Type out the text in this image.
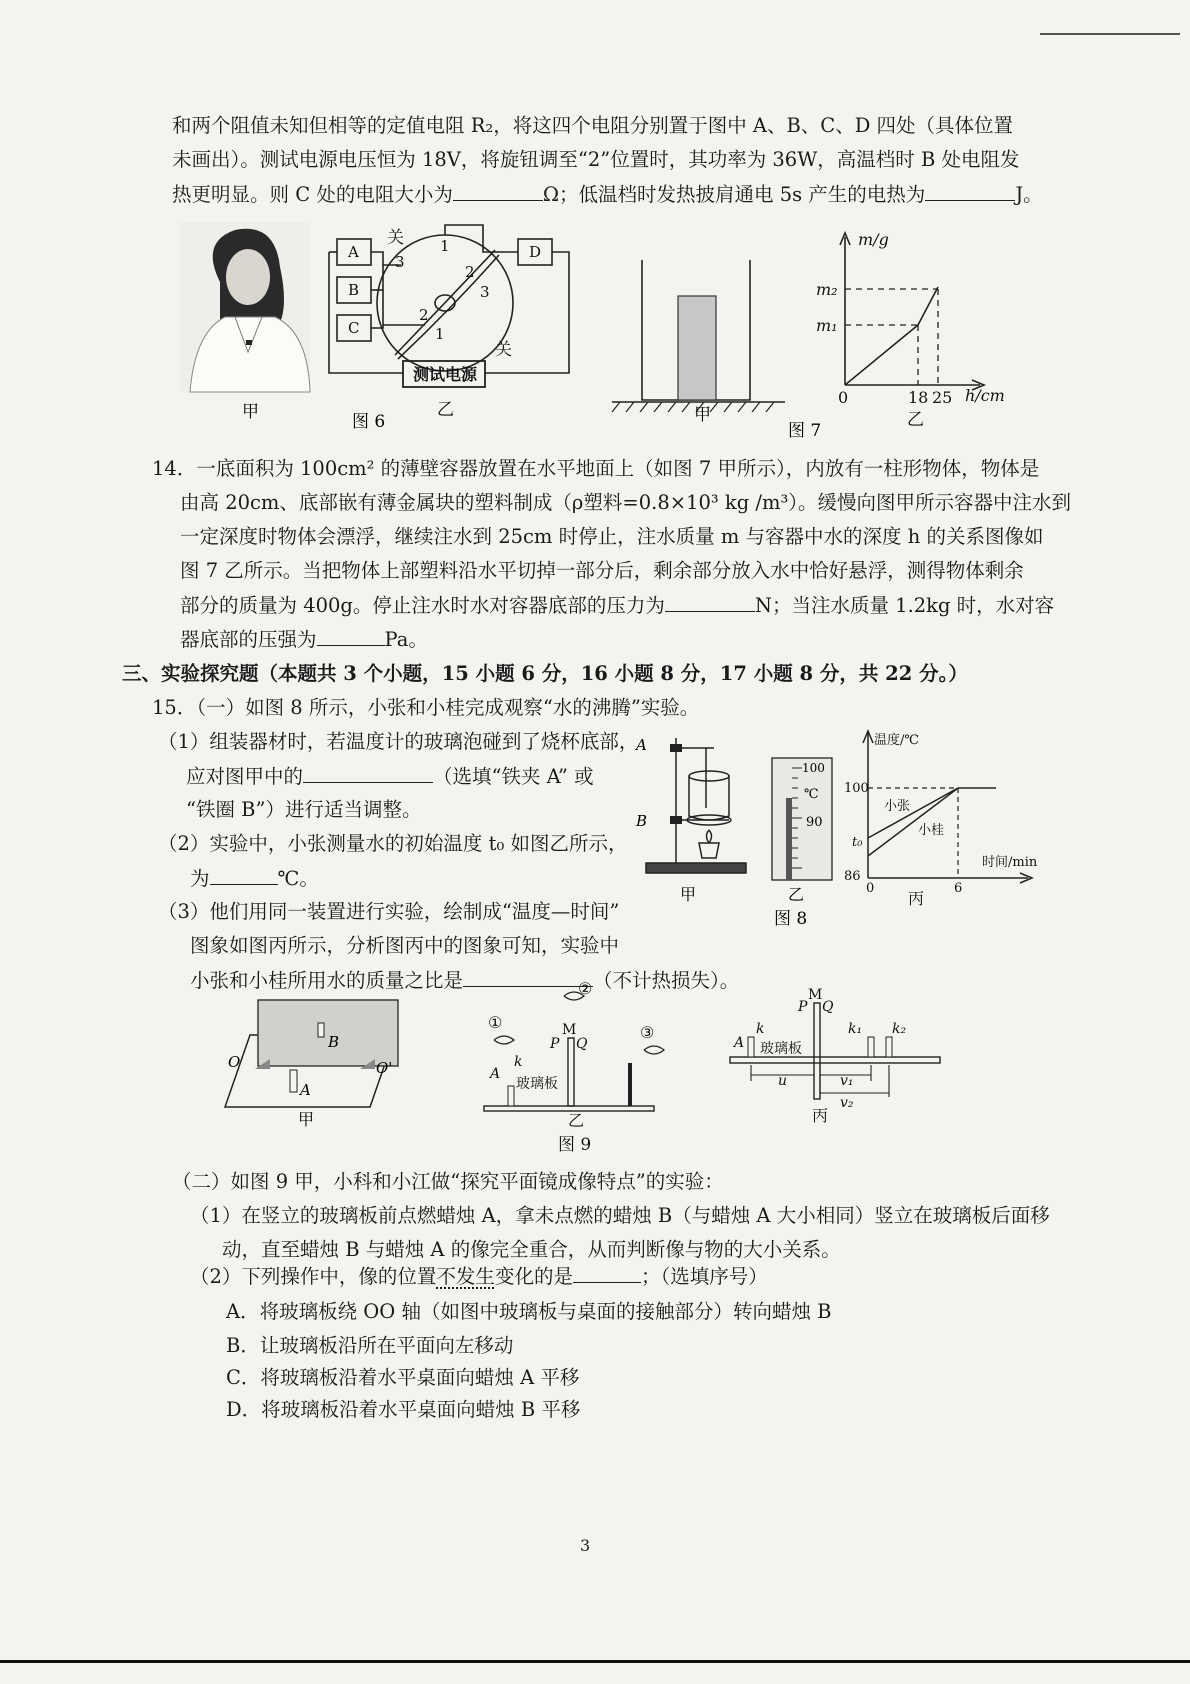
和两个阻值未知但相等的定值电阻 R₂，将这四个电阻分别置于图中 A、B、C、D 四处（具体位置
未画出）。测试电源电压恒为 18V，将旋钮调至“2”位置时，其功率为 36W，高温档时 B 处电阻发
热更明显。则 C 处的电阻大小为	Ω；低温档时发热披肩通电 5s 产生的电热为	J。
甲	图 6
A
B
C
D
关
关
1
2
3
3
2
1
测试电源
乙	甲
图 7
m/g
m₂
m₁
h/cm
0	18 25
乙
14．一底面积为 100cm² 的薄壁容器放置在水平地面上（如图 7 甲所示），内放有一柱形物体，物体是
由高 20cm、底部嵌有薄金属块的塑料制成（ρ塑料=0.8×10³ kg /m³）。缓慢向图甲所示容器中注水到
一定深度时物体会漂浮，继续注水到 25cm 时停止，注水质量 m 与容器中水的深度 h 的关系图像如
图 7 乙所示。当把物体上部塑料沿水平切掉一部分后，剩余部分放入水中恰好悬浮，测得物体剩余
部分的质量为 400g。停止注水时水对容器底部的压力为	N；当注水质量 1.2kg 时，水对容
器底部的压强为	Pa。
三、实验探究题（本题共 3 个小题，15 小题 6 分，16 小题 8 分，17 小题 8 分，共 22 分。）
15．（一）如图 8 所示，小张和小桂完成观察“水的沸腾”实验。
（1）组装器材时，若温度计的玻璃泡碰到了烧杯底部，
应对图甲中的	（选填“铁夹 A” 或
“铁圈 B”）进行适当调整。
（2）实验中，小张测量水的初始温度 t₀ 如图乙所示，
为	℃。
（3）他们用同一装置进行实验，绘制成“温度—时间”
图象如图丙所示，分析图丙中的图象可知，实验中
小张和小桂所用水的质量之比是	（不计热损失）。
A
B
甲
100
℃
90
乙
图 8
温度/℃
100
t₀
86
0	6
时间/min
小张
小桂
丙
O	O'
B
A
甲
①
②
③
M
P Q
A
k
玻璃板
乙
图 9
M
P Q
A
k	k₁ k₂
玻璃板
u	v₁
v₂
丙
（二）如图 9 甲，小科和小江做“探究平面镜成像特点”的实验：
（1）在竖立的玻璃板前点燃蜡烛 A，拿未点燃的蜡烛 B（与蜡烛 A 大小相同）竖立在玻璃板后面移
动，直至蜡烛 B 与蜡烛 A 的像完全重合，从而判断像与物的大小关系。
（2）下列操作中，像的位置不发生变化的是	；（选填序号）
A．将玻璃板绕 OO 轴（如图中玻璃板与桌面的接触部分）转向蜡烛 B
B．让玻璃板沿所在平面向左移动
C．将玻璃板沿着水平桌面向蜡烛 A 平移
D．将玻璃板沿着水平桌面向蜡烛 B 平移
3
